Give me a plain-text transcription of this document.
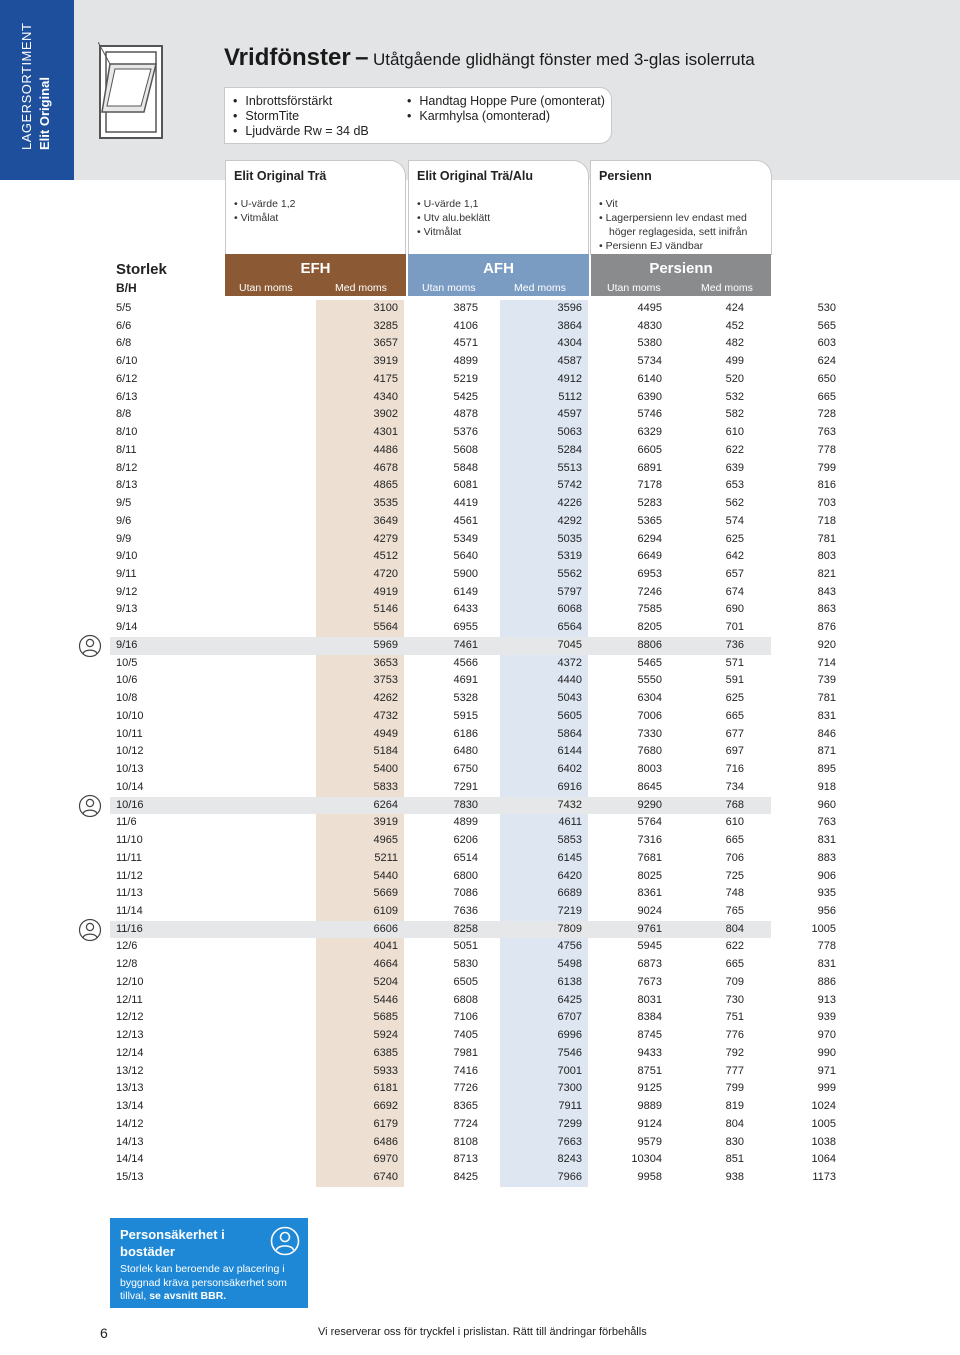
LAGERSORTIMENT Elit Original
Vridfönster – Utåtgående glidhängt fönster med 3-glas isolerruta
• Inbrottsförstärkt
• StormTite
• Ljudvärde Rw = 34 dB
• Handtag Hoppe Pure (omonterat)
• Karmhylsa (omonterad)
Elit Original Trä
• U-värde 1,2
• Vitmålat
Elit Original Trä/Alu
• U-värde 1,1
• Utv alu.beklätt
• Vitmålat
Persienn
• Vit
• Lagerpersienn lev endast med höger reglagesida, sett inifrån
• Persienn EJ vändbar
Storlek
B/H
EFH
Utan moms	Med moms
AFH
Utan moms	Med moms
Persienn
Utan moms	Med moms
5/5	3100	3875	3596	4495	424	530
6/6	3285	4106	3864	4830	452	565
6/8	3657	4571	4304	5380	482	603
6/10	3919	4899	4587	5734	499	624
6/12	4175	5219	4912	6140	520	650
6/13	4340	5425	5112	6390	532	665
8/8	3902	4878	4597	5746	582	728
8/10	4301	5376	5063	6329	610	763
8/11	4486	5608	5284	6605	622	778
8/12	4678	5848	5513	6891	639	799
8/13	4865	6081	5742	7178	653	816
9/5	3535	4419	4226	5283	562	703
9/6	3649	4561	4292	5365	574	718
9/9	4279	5349	5035	6294	625	781
9/10	4512	5640	5319	6649	642	803
9/11	4720	5900	5562	6953	657	821
9/12	4919	6149	5797	7246	674	843
9/13	5146	6433	6068	7585	690	863
9/14	5564	6955	6564	8205	701	876
9/16	5969	7461	7045	8806	736	920
10/5	3653	4566	4372	5465	571	714
10/6	3753	4691	4440	5550	591	739
10/8	4262	5328	5043	6304	625	781
10/10	4732	5915	5605	7006	665	831
10/11	4949	6186	5864	7330	677	846
10/12	5184	6480	6144	7680	697	871
10/13	5400	6750	6402	8003	716	895
10/14	5833	7291	6916	8645	734	918
10/16	6264	7830	7432	9290	768	960
11/6	3919	4899	4611	5764	610	763
11/10	4965	6206	5853	7316	665	831
11/11	5211	6514	6145	7681	706	883
11/12	5440	6800	6420	8025	725	906
11/13	5669	7086	6689	8361	748	935
11/14	6109	7636	7219	9024	765	956
11/16	6606	8258	7809	9761	804	1005
12/6	4041	5051	4756	5945	622	778
12/8	4664	5830	5498	6873	665	831
12/10	5204	6505	6138	7673	709	886
12/11	5446	6808	6425	8031	730	913
12/12	5685	7106	6707	8384	751	939
12/13	5924	7405	6996	8745	776	970
12/14	6385	7981	7546	9433	792	990
13/12	5933	7416	7001	8751	777	971
13/13	6181	7726	7300	9125	799	999
13/14	6692	8365	7911	9889	819	1024
14/12	6179	7724	7299	9124	804	1005
14/13	6486	8108	7663	9579	830	1038
14/14	6970	8713	8243	10304	851	1064
15/13	6740	8425	7966	9958	938	1173
Personsäkerhet i bostäder
Storlek kan beroende av placering i byggnad kräva personsäkerhet som tillval, se avsnitt BBR.
6	Vi reserverar oss för tryckfel i prislistan. Rätt till ändringar förbehålls
